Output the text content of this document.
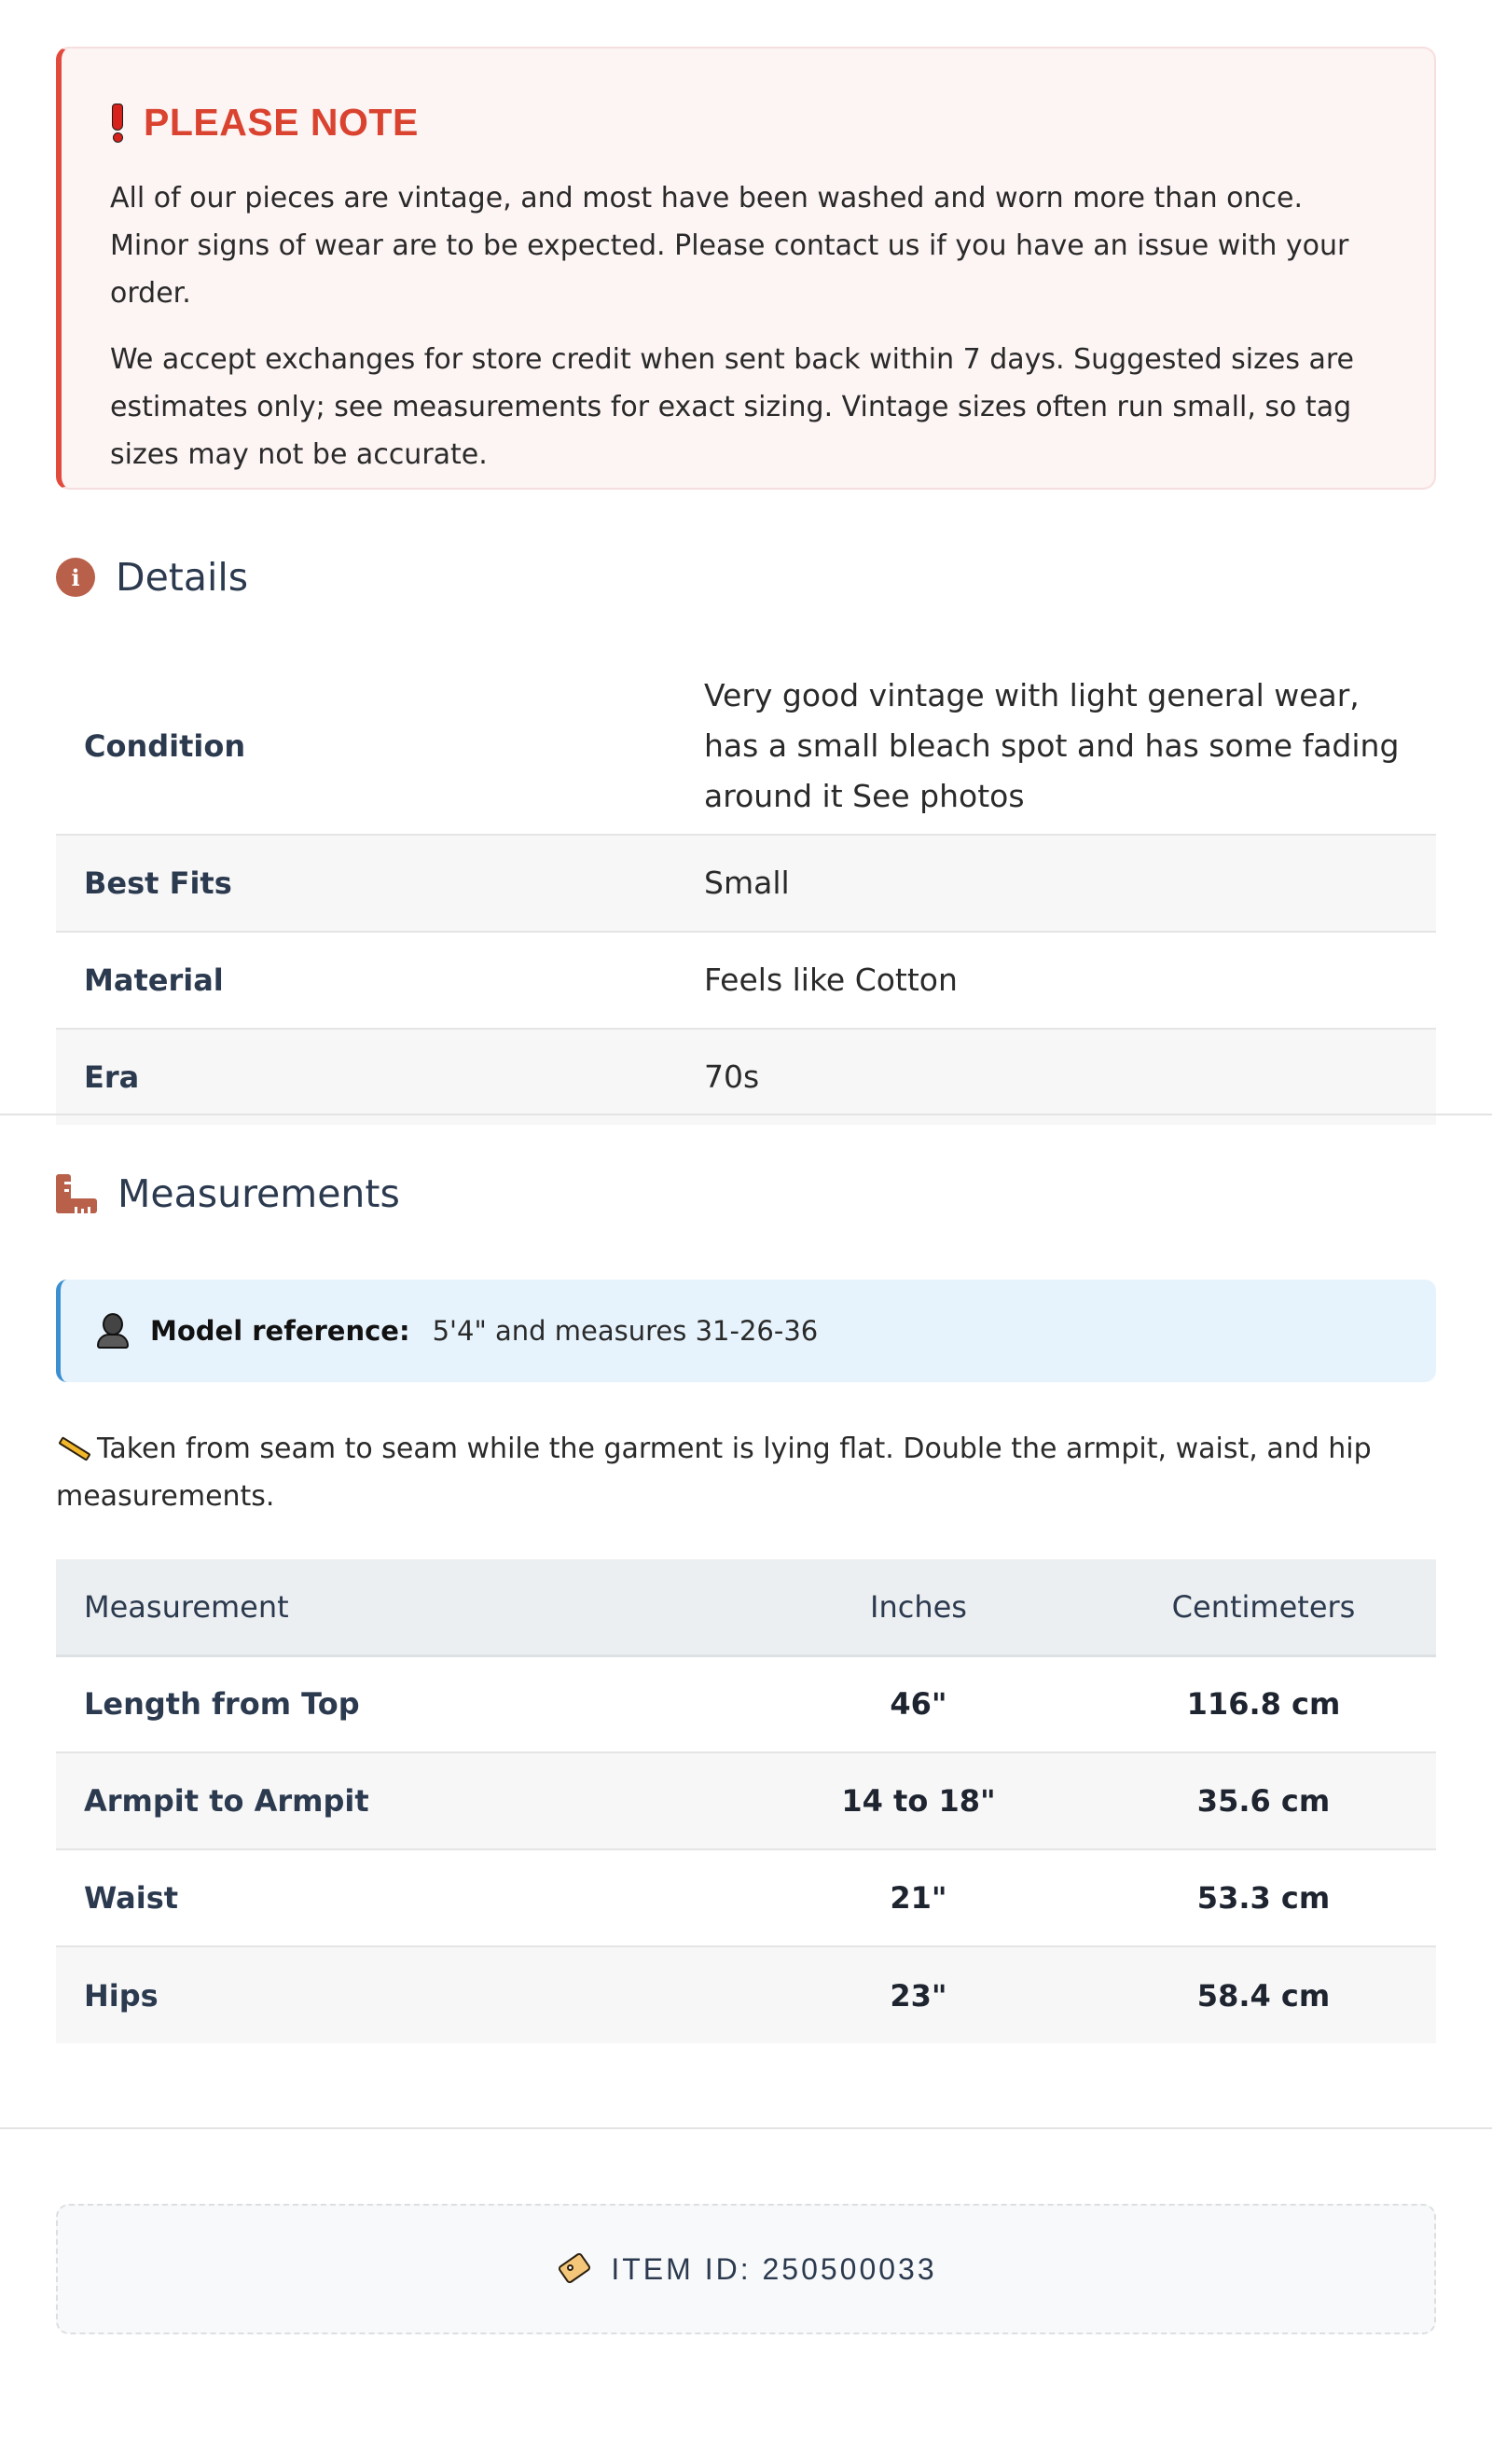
PLEASE NOTE

All of our pieces are vintage, and most have been washed and worn more than once. Minor signs of wear are to be expected. Please contact us if you have an issue with your order.

We accept exchanges for store credit when sent back within 7 days. Suggested sizes are estimates only; see measurements for exact sizing. Vintage sizes often run small, so tag sizes may not be accurate.

i Details
Condition	Very good vintage with light general wear, has a small bleach spot and has some fading around it See photos
Best Fits	Small
Material	Feels like Cotton
Era	70s
Measurements
Model reference: 5'4" and measures 31-26-36
Taken from seam to seam while the garment is lying flat. Double the armpit, waist, and hip measurements.
Measurement	Inches	Centimeters
Length from Top	46"	116.8 cm
Armpit to Armpit	14 to 18"	35.6 cm
Waist	21"	53.3 cm
Hips	23"	58.4 cm
ITEM ID: 250500033
